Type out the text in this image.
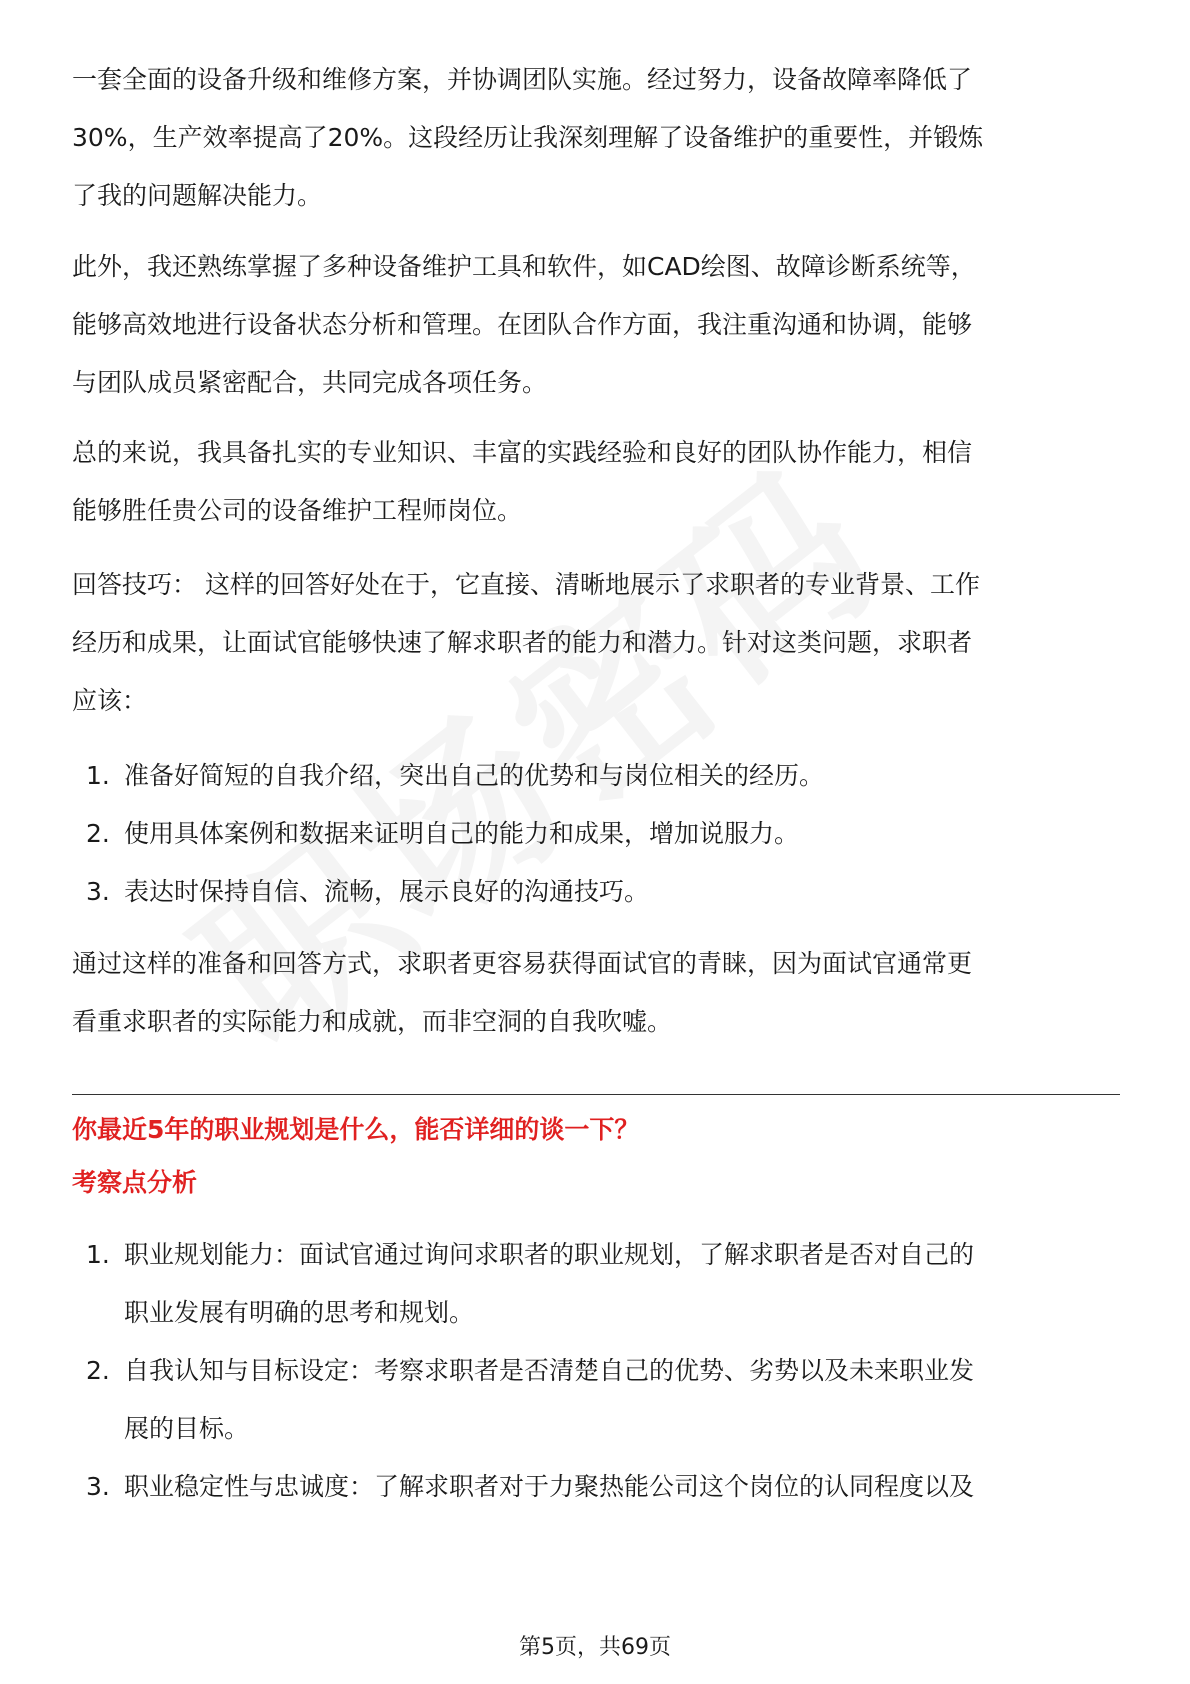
一套全面的设备升级和维修方案，并协调团队实施。经过努力，设备故障率降低了
30%，生产效率提高了20%。这段经历让我深刻理解了设备维护的重要性，并锻炼
了我的问题解决能力。

此外，我还熟练掌握了多种设备维护工具和软件，如CAD绘图、故障诊断系统等，
能够高效地进行设备状态分析和管理。在团队合作方面，我注重沟通和协调，能够
与团队成员紧密配合，共同完成各项任务。

总的来说，我具备扎实的专业知识、丰富的实践经验和良好的团队协作能力，相信
能够胜任贵公司的设备维护工程师岗位。

回答技巧： 这样的回答好处在于，它直接、清晰地展示了求职者的专业背景、工作
经历和成果，让面试官能够快速了解求职者的能力和潜力。针对这类问题，求职者
应该：

1. 准备好简短的自我介绍，突出自己的优势和与岗位相关的经历。
2. 使用具体案例和数据来证明自己的能力和成果，增加说服力。
3. 表达时保持自信、流畅，展示良好的沟通技巧。

通过这样的准备和回答方式，求职者更容易获得面试官的青睐，因为面试官通常更
看重求职者的实际能力和成就，而非空洞的自我吹嘘。

你最近5年的职业规划是什么，能否详细的谈一下？
考察点分析
1. 职业规划能力：面试官通过询问求职者的职业规划，了解求职者是否对自己的
职业发展有明确的思考和规划。
2. 自我认知与目标设定：考察求职者是否清楚自己的优势、劣势以及未来职业发
展的目标。
3. 职业稳定性与忠诚度：了解求职者对于力聚热能公司这个岗位的认同程度以及
第5页，共69页
